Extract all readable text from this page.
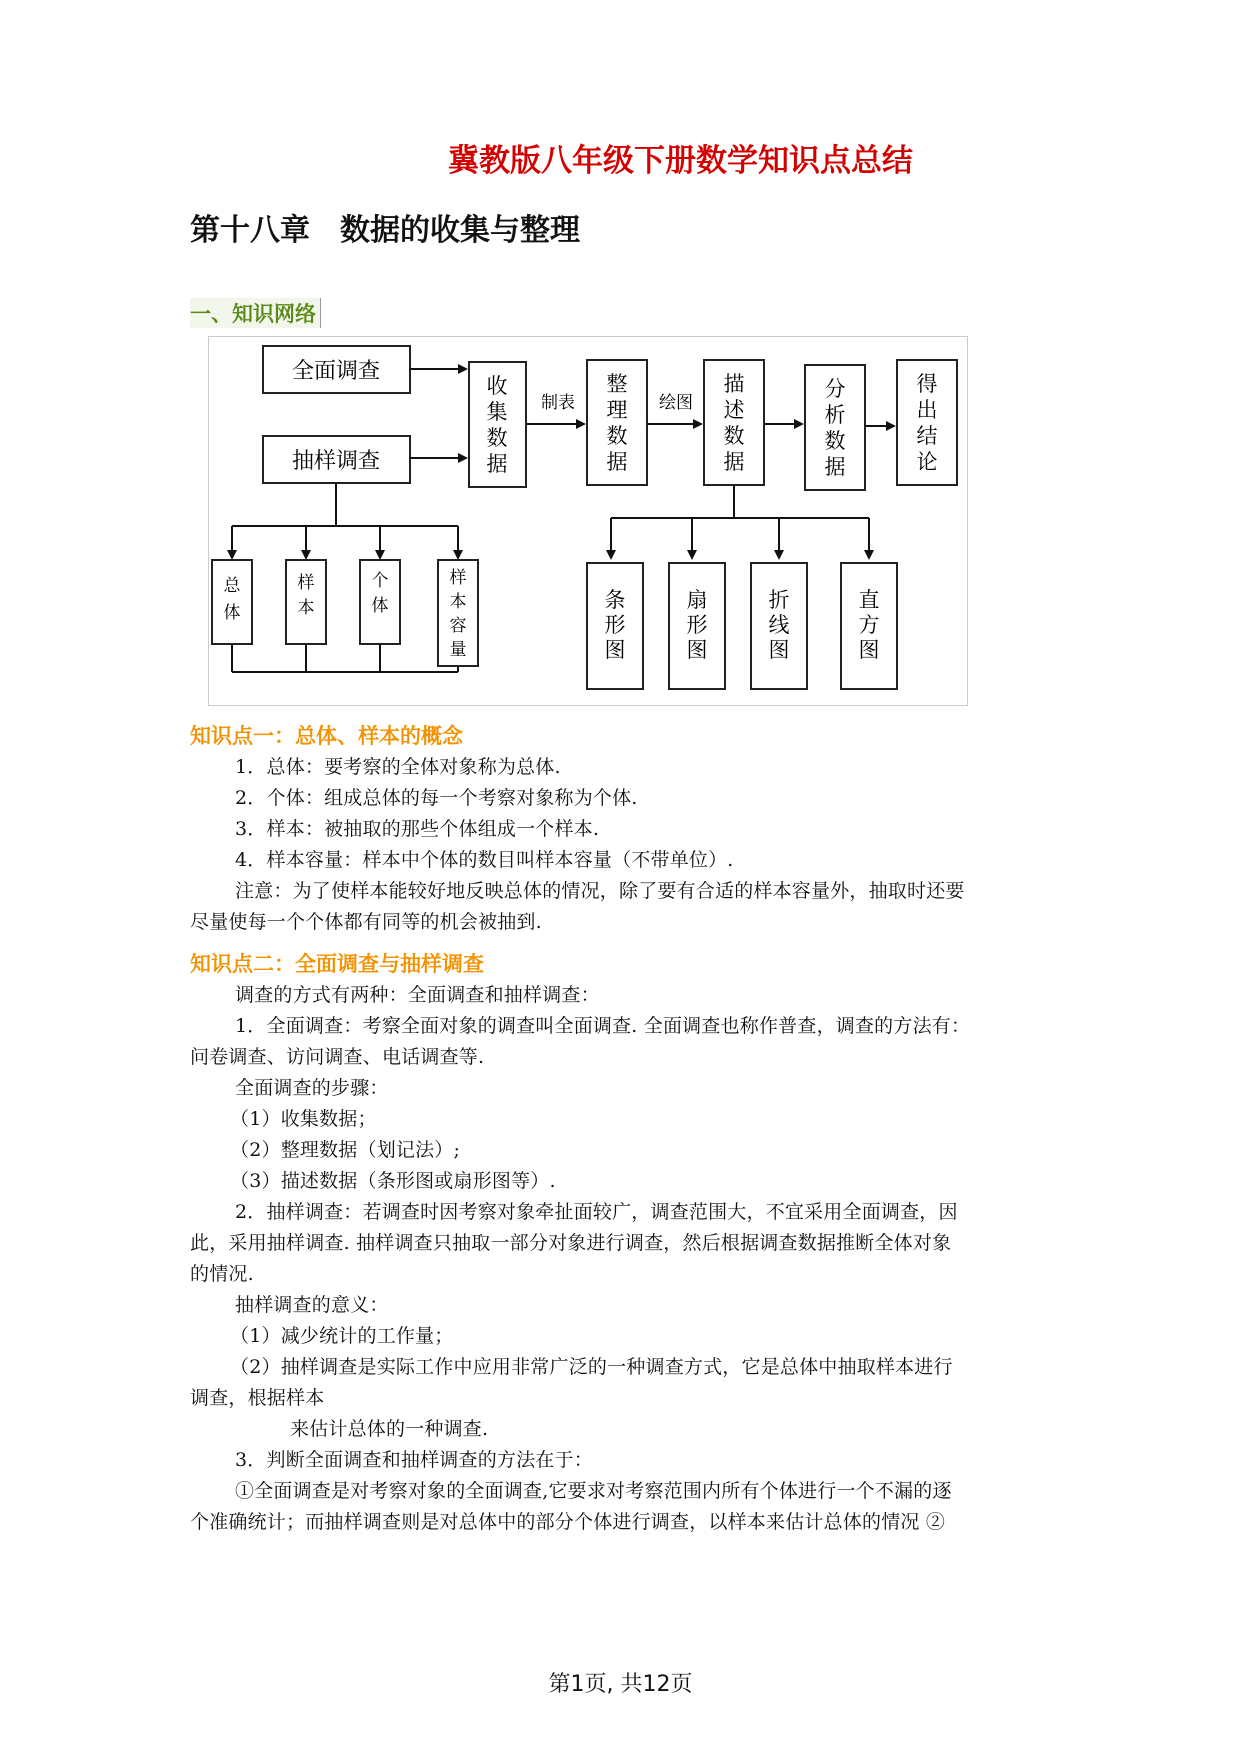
冀教版八年级下册数学知识点总结
第十八章 数据的收集与整理
一、知识网络
全面调查
抽样调查
收
集
数
据
制表
整
理
数
据
绘图
描
述
数
据
分
析
数
据
得
出
结
论
总
体
样
本
个
体
样
本
容
量
条
形
图
扇
形
图
折
线
图
直
方
图
知识点一：总体、样本的概念
1．总体：要考察的全体对象称为总体.
2．个体：组成总体的每一个考察对象称为个体.
3．样本：被抽取的那些个体组成一个样本.
4．样本容量：样本中个体的数目叫样本容量（不带单位）.
注意：为了使样本能较好地反映总体的情况，除了要有合适的样本容量外，抽取时还要
尽量使每一个个体都有同等的机会被抽到.
知识点二：全面调查与抽样调查
调查的方式有两种：全面调查和抽样调查：
1．全面调查：考察全面对象的调查叫全面调查. 全面调查也称作普查，调查的方法有：
问卷调查、访问调查、电话调查等.
全面调查的步骤：
（1）收集数据；
（2）整理数据（划记法）;
（3）描述数据（条形图或扇形图等）.
2．抽样调查：若调查时因考察对象牵扯面较广，调查范围大，不宜采用全面调查，因
此，采用抽样调查. 抽样调查只抽取一部分对象进行调查，然后根据调查数据推断全体对象
的情况.
抽样调查的意义：
（1）减少统计的工作量；
（2）抽样调查是实际工作中应用非常广泛的一种调查方式，它是总体中抽取样本进行
调查，根据样本
来估计总体的一种调查.
3．判断全面调查和抽样调查的方法在于：
①全面调查是对考察对象的全面调查,它要求对考察范围内所有个体进行一个不漏的逐
个准确统计；而抽样调查则是对总体中的部分个体进行调查，以样本来估计总体的情况 ②
第1页, 共12页
